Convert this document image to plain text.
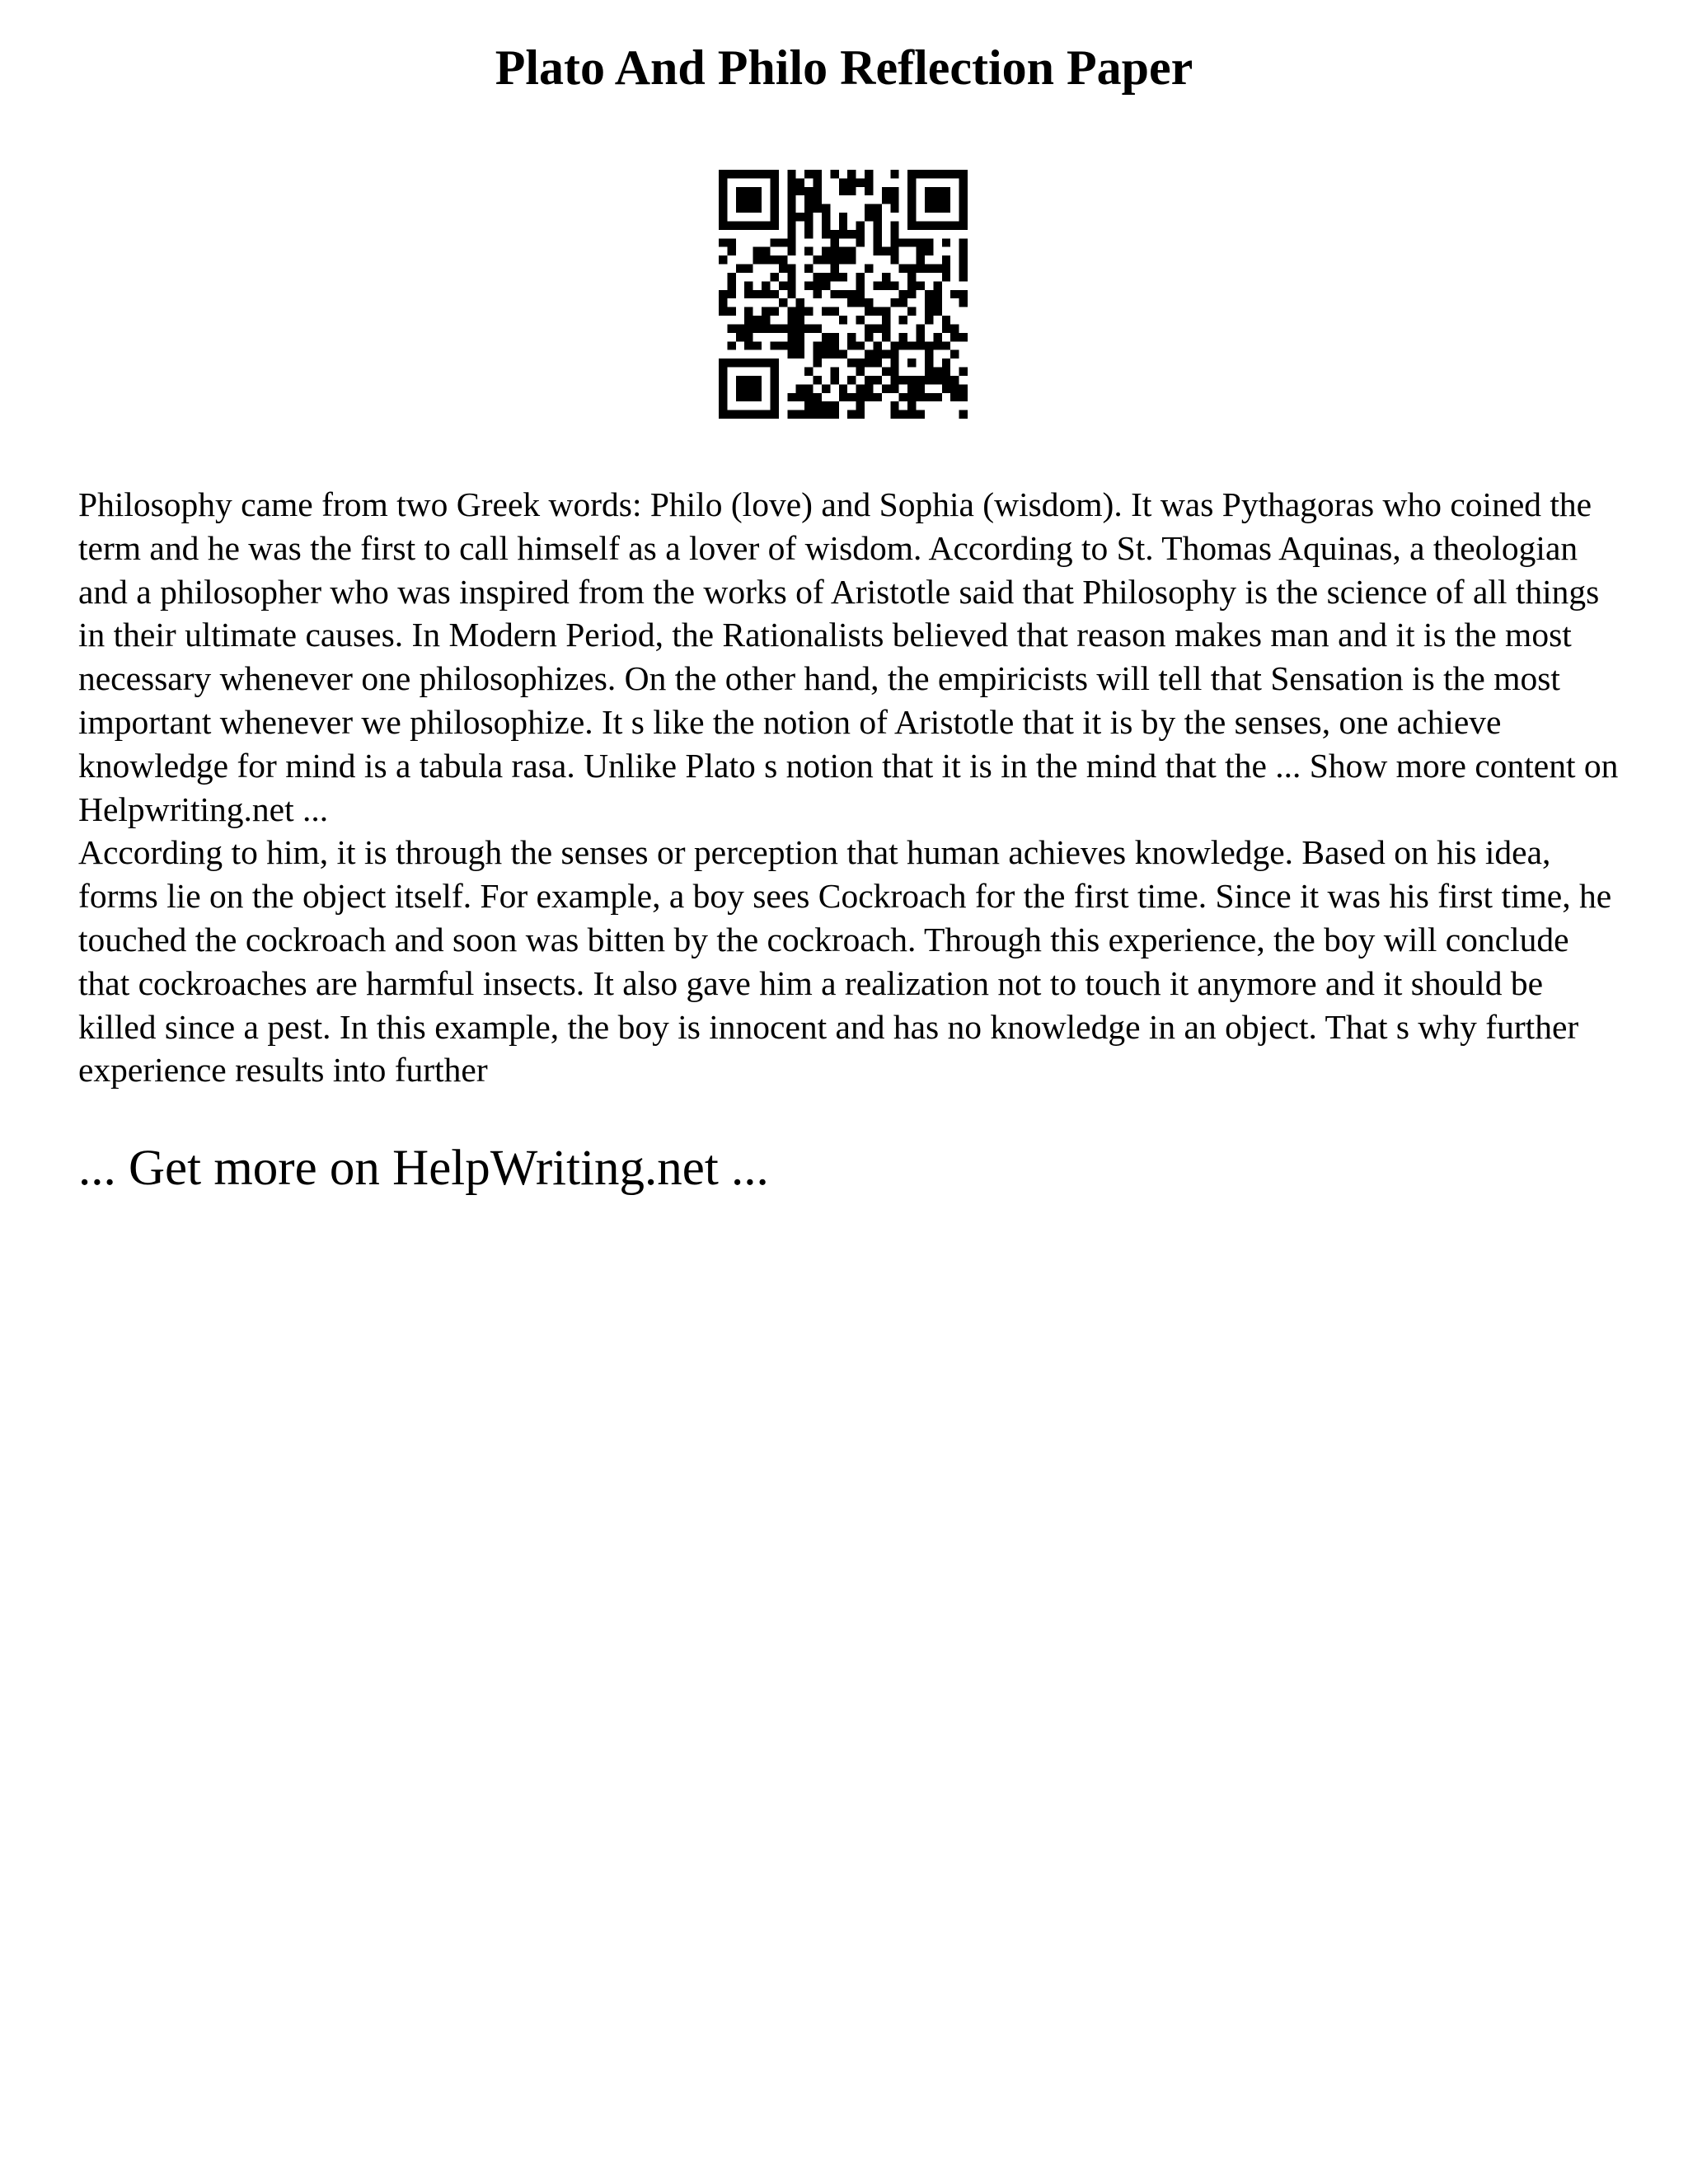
Plato And Philo Reflection Paper

Philosophy came from two Greek words: Philo (love) and Sophia (wisdom). It was Pythagoras who coined the term and he was the first to call himself as a lover of wisdom. According to St. Thomas Aquinas, a theologian and a philosopher who was inspired from the works of Aristotle said that Philosophy is the science of all things in their ultimate causes. In Modern Period, the Rationalists believed that reason makes man and it is the most necessary whenever one philosophizes. On the other hand, the empiricists will tell that Sensation is the most important whenever we philosophize. It s like the notion of Aristotle that it is by the senses, one achieve knowledge for mind is a tabula rasa. Unlike Plato s notion that it is in the mind that the ... Show more content on Helpwriting.net ...

According to him, it is through the senses or perception that human achieves knowledge. Based on his idea, forms lie on the object itself. For example, a boy sees Cockroach for the first time. Since it was his first time, he touched the cockroach and soon was bitten by the cockroach. Through this experience, the boy will conclude that cockroaches are harmful insects. It also gave him a realization not to touch it anymore and it should be killed since a pest. In this example, the boy is innocent and has no knowledge in an object. That s why further experience results into further

... Get more on HelpWriting.net ...
